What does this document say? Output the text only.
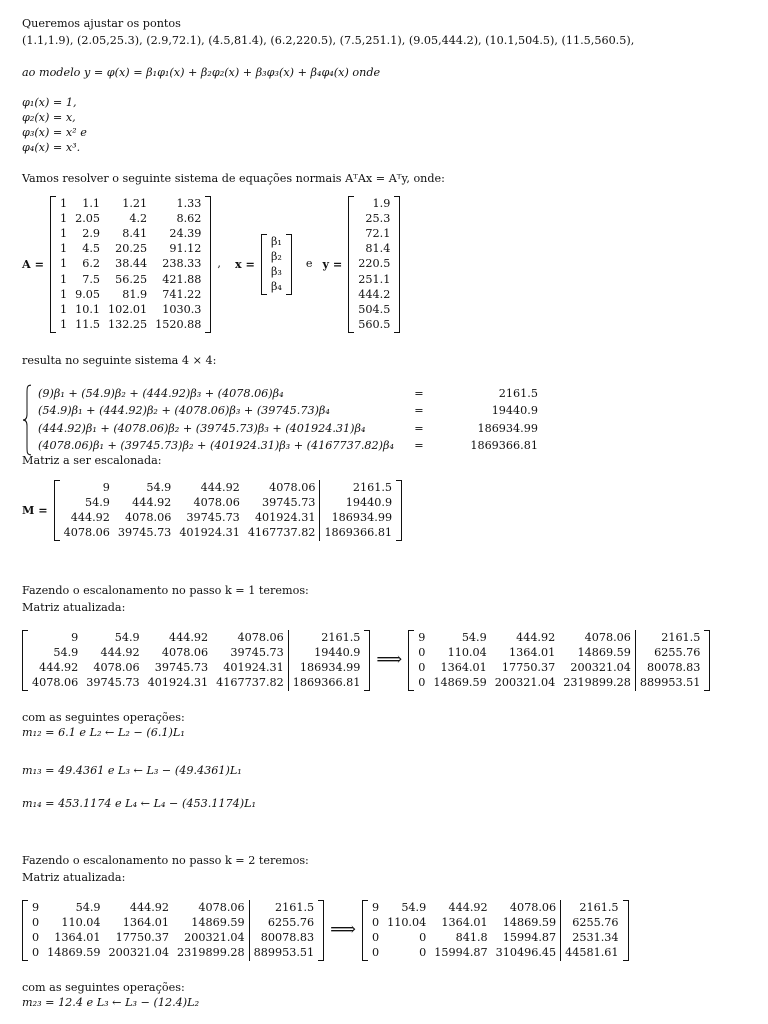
Queremos ajustar os pontos
(1.1,1.9), (2.05,25.3), (2.9,72.1), (4.5,81.4), (6.2,220.5), (7.5,251.1), (9.05,444.2), (10.1,504.5), (11.5,560.5),
ao modelo y = φ(x) = β₁φ₁(x) + β₂φ₂(x) + β₃φ₃(x) + β₄φ₄(x) onde
φ₁(x) = 1,
φ₂(x) = x,
φ₃(x) = x² e
φ₄(x) = x³.
Vamos resolver o seguinte sistema de equações normais AᵀAx = Aᵀy, onde:
A =
1	1.1	1.21	1.33
1	2.05	4.2	8.62
1	2.9	8.41	24.39
1	4.5	20.25	91.12
1	6.2	38.44	238.33
1	7.5	56.25	421.88
1	9.05	81.9	741.22
1	10.1	102.01	1030.3
1	11.5	132.25	1520.88
,	x =
β₁
β₂
β₃
β₄
e y =
1.9
25.3
72.1
81.4
220.5
251.1
444.2
504.5
560.5
resulta no seguinte sistema 4 × 4:
(9)β₁ + (54.9)β₂ + (444.92)β₃ + (4078.06)β₄	=	2161.5
(54.9)β₁ + (444.92)β₂ + (4078.06)β₃ + (39745.73)β₄	=	19440.9
(444.92)β₁ + (4078.06)β₂ + (39745.73)β₃ + (401924.31)β₄	=	186934.99
(4078.06)β₁ + (39745.73)β₂ + (401924.31)β₃ + (4167737.82)β₄	=	1869366.81
Matriz a ser escalonada:
M =
9	54.9	444.92	4078.06	2161.5
54.9	444.92	4078.06	39745.73	19440.9
444.92	4078.06	39745.73	401924.31	186934.99
4078.06	39745.73	401924.31	4167737.82	1869366.81
Fazendo o escalonamento no passo k = 1 teremos:
Matriz atualizada:
9	54.9	444.92	4078.06	2161.5
54.9	444.92	4078.06	39745.73	19440.9
444.92	4078.06	39745.73	401924.31	186934.99
4078.06	39745.73	401924.31	4167737.82	1869366.81
⟹
9	54.9	444.92	4078.06	2161.5
0	110.04	1364.01	14869.59	6255.76
0	1364.01	17750.37	200321.04	80078.83
0	14869.59	200321.04	2319899.28	889953.51
com as seguintes operações:
m₁₂ = 6.1 e L₂ ← L₂ − (6.1)L₁
m₁₃ = 49.4361 e L₃ ← L₃ − (49.4361)L₁
m₁₄ = 453.1174 e L₄ ← L₄ − (453.1174)L₁
Fazendo o escalonamento no passo k = 2 teremos:
Matriz atualizada:
9	54.9	444.92	4078.06	2161.5
0	110.04	1364.01	14869.59	6255.76
0	1364.01	17750.37	200321.04	80078.83
0	14869.59	200321.04	2319899.28	889953.51
⟹
9	54.9	444.92	4078.06	2161.5
0	110.04	1364.01	14869.59	6255.76
0	0	841.8	15994.87	2531.34
0	0	15994.87	310496.45	44581.61
com as seguintes operações:
m₂₃ = 12.4 e L₃ ← L₃ − (12.4)L₂
